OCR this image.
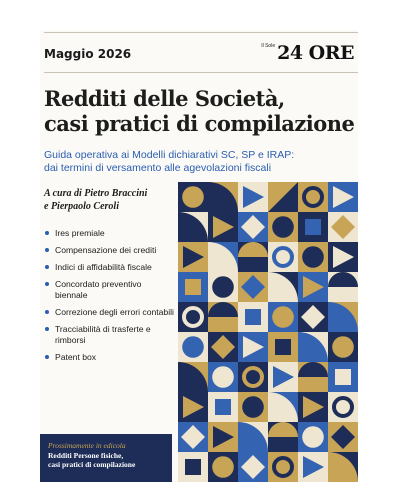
Maggio 2026
Il Sole 24 ORE
Redditi delle Società,
casi pratici di compilazione
Guida operativa ai Modelli dichiarativi SC, SP e IRAP:
dai termini di versamento alle agevolazioni fiscali
A cura di Pietro Braccini
e Pierpaolo Ceroli
Ires premiale
Compensazione dei crediti
Indici di affidabilità fiscale
Concordato preventivo biennale
Correzione degli errori contabili
Tracciabilità di trasferte e rimborsi
Patent box
Prossimamente in edicola
Redditi Persone fisiche,
casi pratici di compilazione
